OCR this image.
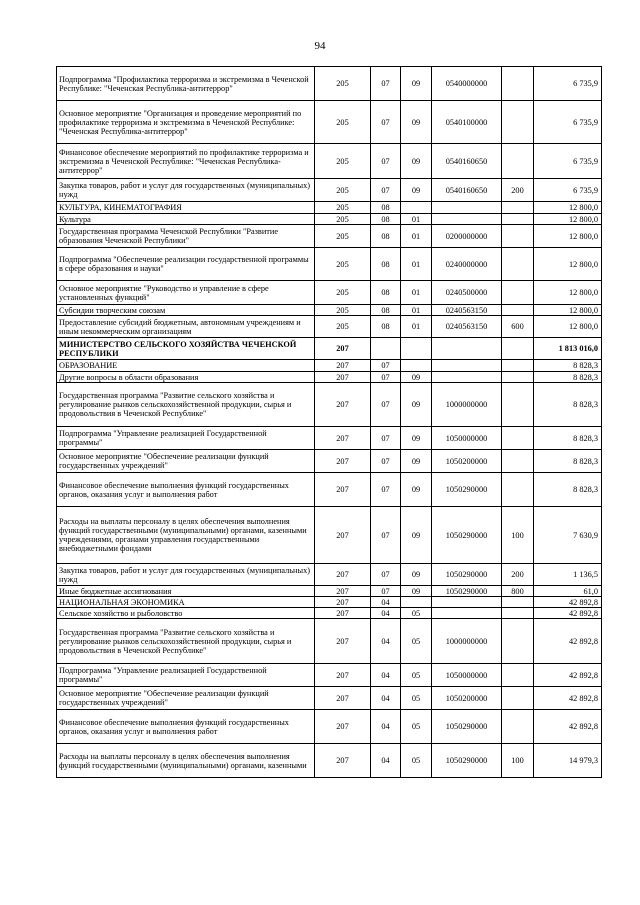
94
Подпрограмма "Профилактика терроризма и экстремизма в Чеченской Республике: "Чеченская Республика-антитеррор"	205	07	09	0540000000		6 735,9
Основное мероприятие "Организация и проведение мероприятий по профилактике терроризма и экстремизма в Чеченской Республике: "Чеченская Республика-антитеррор"	205	07	09	0540100000		6 735,9
Финансовое обеспечение мероприятий по профилактике терроризма и экстремизма в Чеченской Республике: "Чеченская Республика-антитеррор"	205	07	09	0540160650		6 735,9
Закупка товаров, работ и услуг для государственных (муниципальных) нужд	205	07	09	0540160650	200	6 735,9
КУЛЬТУРА, КИНЕМАТОГРАФИЯ	205	08				12 800,0
Культура	205	08	01			12 800,0
Государственная программа Чеченской Республики "Развитие образования Чеченской Республики"	205	08	01	0200000000		12 800,0
Подпрограмма "Обеспечение реализации государственной программы в сфере образования и науки"	205	08	01	0240000000		12 800,0
Основное мероприятие "Руководство и управление в сфере установленных функций"	205	08	01	0240500000		12 800,0
Субсидии творческим союзам	205	08	01	0240563150		12 800,0
Предоставление субсидий бюджетным, автономным учреждениям и иным некоммерческим организациям	205	08	01	0240563150	600	12 800,0
МИНИСТЕРСТВО СЕЛЬСКОГО ХОЗЯЙСТВА ЧЕЧЕНСКОЙ РЕСПУБЛИКИ	207					1 813 016,0
ОБРАЗОВАНИЕ	207	07				8 828,3
Другие вопросы в области образования	207	07	09			8 828,3
Государственная программа "Развитие сельского хозяйства и регулирование рынков сельскохозяйственной продукции, сырья и продовольствия в Чеченской Республике"	207	07	09	1000000000		8 828,3
Подпрограмма "Управление реализацией Государственной программы"	207	07	09	1050000000		8 828,3
Основное мероприятие "Обеспечение реализации функций государственных учреждений"	207	07	09	1050200000		8 828,3
Финансовое обеспечение выполнения функций государственных органов, оказания услуг и выполнения работ	207	07	09	1050290000		8 828,3
Расходы на выплаты персоналу в целях обеспечения выполнения функций государственными (муниципальными) органами, казенными учреждениями, органами управления государственными внебюджетными фондами	207	07	09	1050290000	100	7 630,9
Закупка товаров, работ и услуг для государственных (муниципальных) нужд	207	07	09	1050290000	200	1 136,5
Иные бюджетные ассигнования	207	07	09	1050290000	800	61,0
НАЦИОНАЛЬНАЯ ЭКОНОМИКА	207	04				42 892,8
Сельское хозяйство и рыболовство	207	04	05			42 892,8
Государственная программа "Развитие сельского хозяйства и регулирование рынков сельскохозяйственной продукции, сырья и продовольствия в Чеченской Республике"	207	04	05	1000000000		42 892,8
Подпрограмма "Управление реализацией Государственной программы"	207	04	05	1050000000		42 892,8
Основное мероприятие "Обеспечение реализации функций государственных учреждений"	207	04	05	1050200000		42 892,8
Финансовое обеспечение выполнения функций государственных органов, оказания услуг и выполнения работ	207	04	05	1050290000		42 892,8
Расходы на выплаты персоналу в целях обеспечения выполнения функций государственными (муниципальными) органами, казенными	207	04	05	1050290000	100	14 979,3
